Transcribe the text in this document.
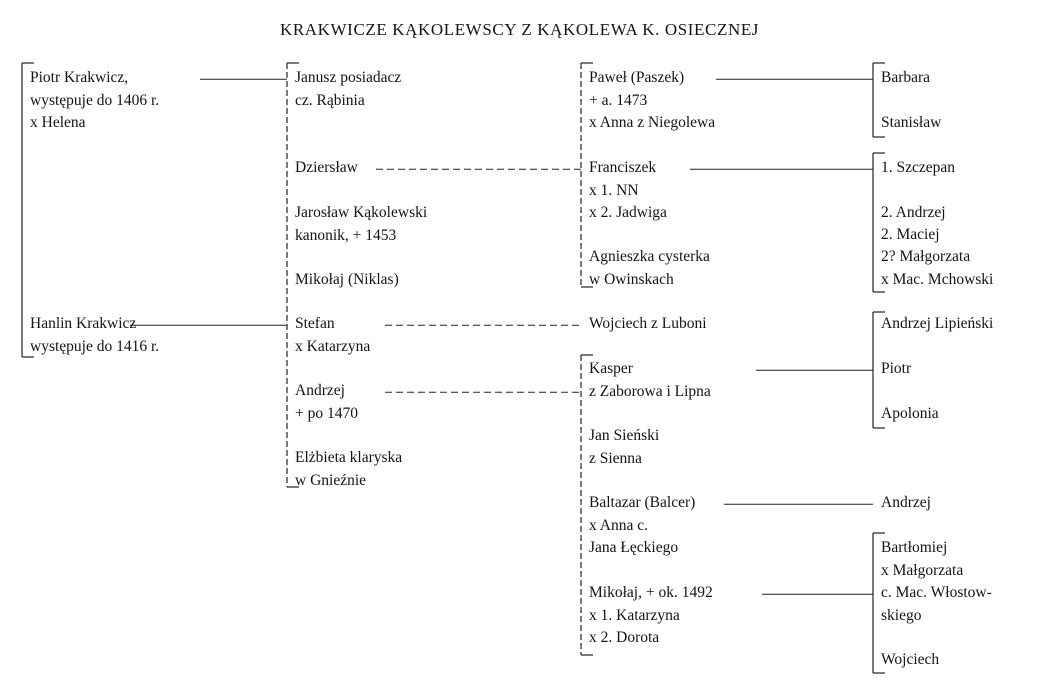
KRAKWICZE KĄKOLEWSCY Z KĄKOLEWA K. OSIECZNEJ
Piotr Krakwicz,
występuje do 1406 r.
x Helena
Hanlin Krakwicz
występuje do 1416 r.
Janusz posiadacz
cz. Rąbinia
Dziersław
Jarosław Kąkolewski
kanonik, + 1453
Mikołaj (Niklas)
Stefan
x Katarzyna
Andrzej
+ po 1470
Elżbieta klaryska
w Gnieźnie
Paweł (Paszek)
+ a. 1473
x Anna z Niegolewa
Franciszek
x 1. NN
x 2. Jadwiga
Agnieszka cysterka
w Owinskach
Wojciech z Luboni
Kasper
z Zaborowa i Lipna
Jan Sieński
z Sienna
Baltazar (Balcer)
x Anna c.
Jana Łęckiego
Mikołaj, + ok. 1492
x 1. Katarzyna
x 2. Dorota
Barbara
Stanisław
1. Szczepan
2. Andrzej
2. Maciej
2? Małgorzata
x Mac. Mchowski
Andrzej Lipieński
Piotr
Apolonia
Andrzej
Bartłomiej
x Małgorzata
c. Mac. Włostow-
skiego
Wojciech
